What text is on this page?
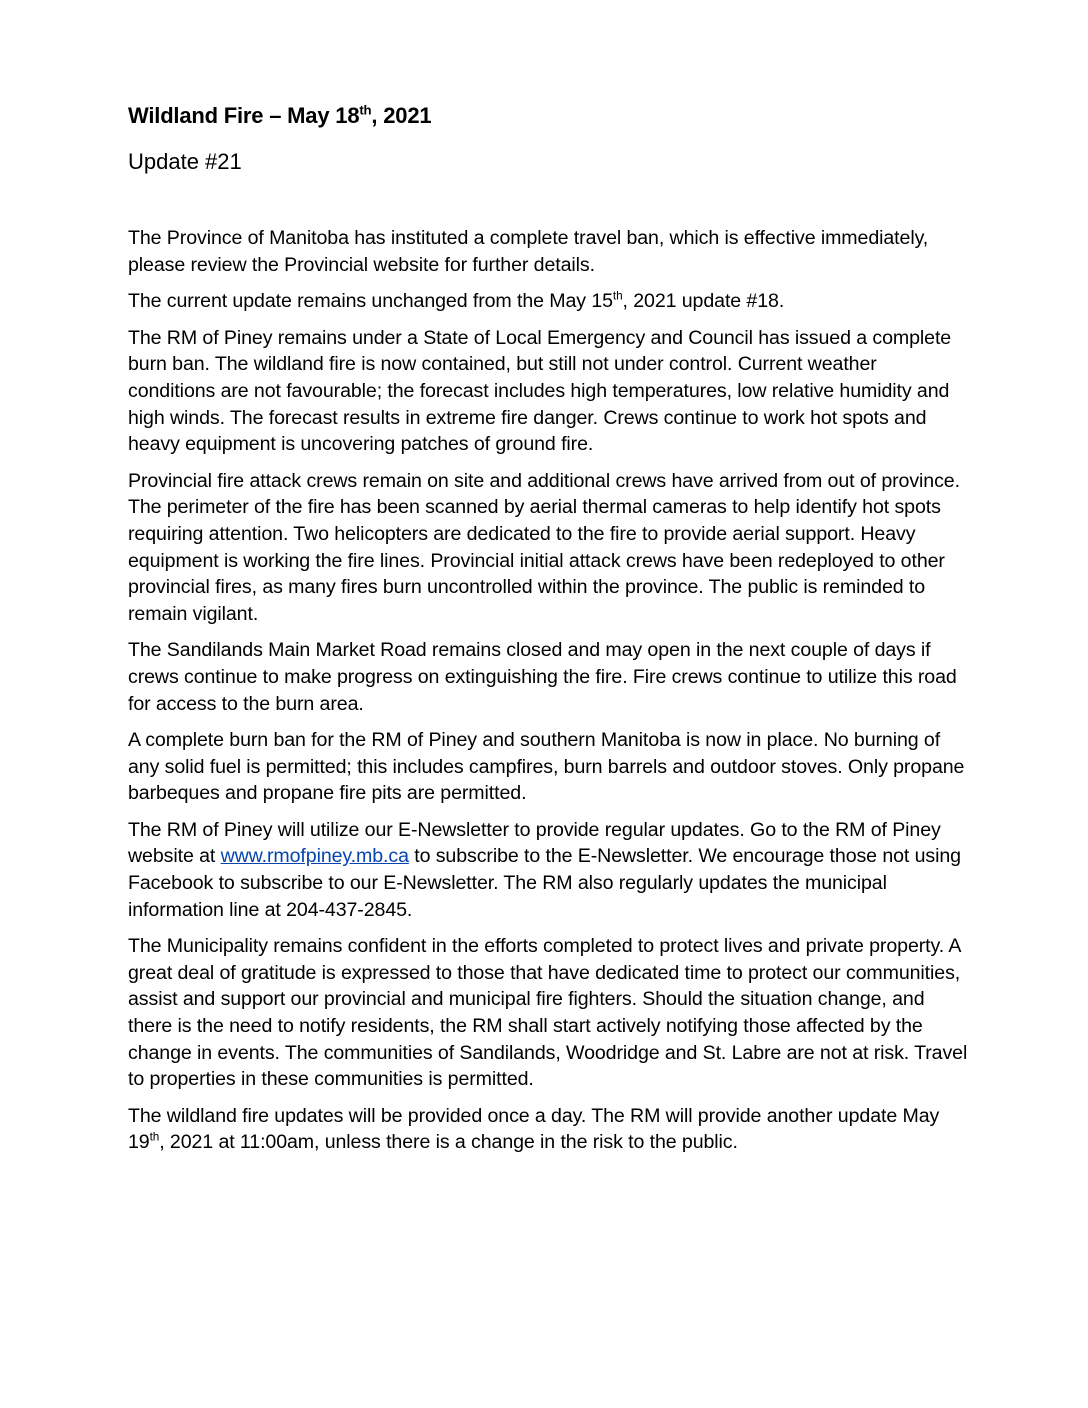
Wildland Fire – May 18th, 2021
Update #21

The Province of Manitoba has instituted a complete travel ban, which is effective immediately, please review the Provincial website for further details.

The current update remains unchanged from the May 15th, 2021 update #18.

The RM of Piney remains under a State of Local Emergency and Council has issued a complete burn ban. The wildland fire is now contained, but still not under control. Current weather conditions are not favourable; the forecast includes high temperatures, low relative humidity and high winds. The forecast results in extreme fire danger. Crews continue to work hot spots and heavy equipment is uncovering patches of ground fire.

Provincial fire attack crews remain on site and additional crews have arrived from out of province. The perimeter of the fire has been scanned by aerial thermal cameras to help identify hot spots requiring attention. Two helicopters are dedicated to the fire to provide aerial support. Heavy equipment is working the fire lines. Provincial initial attack crews have been redeployed to other provincial fires, as many fires burn uncontrolled within the province. The public is reminded to remain vigilant.

The Sandilands Main Market Road remains closed and may open in the next couple of days if crews continue to make progress on extinguishing the fire. Fire crews continue to utilize this road for access to the burn area.

A complete burn ban for the RM of Piney and southern Manitoba is now in place. No burning of any solid fuel is permitted; this includes campfires, burn barrels and outdoor stoves. Only propane barbeques and propane fire pits are permitted.

The RM of Piney will utilize our E-Newsletter to provide regular updates. Go to the RM of Piney website at www.rmofpiney.mb.ca to subscribe to the E-Newsletter. We encourage those not using Facebook to subscribe to our E-Newsletter. The RM also regularly updates the municipal information line at 204-437-2845.

The Municipality remains confident in the efforts completed to protect lives and private property. A great deal of gratitude is expressed to those that have dedicated time to protect our communities, assist and support our provincial and municipal fire fighters. Should the situation change, and there is the need to notify residents, the RM shall start actively notifying those affected by the change in events. The communities of Sandilands, Woodridge and St. Labre are not at risk. Travel to properties in these communities is permitted.

The wildland fire updates will be provided once a day. The RM will provide another update May 19th, 2021 at 11:00am, unless there is a change in the risk to the public.
